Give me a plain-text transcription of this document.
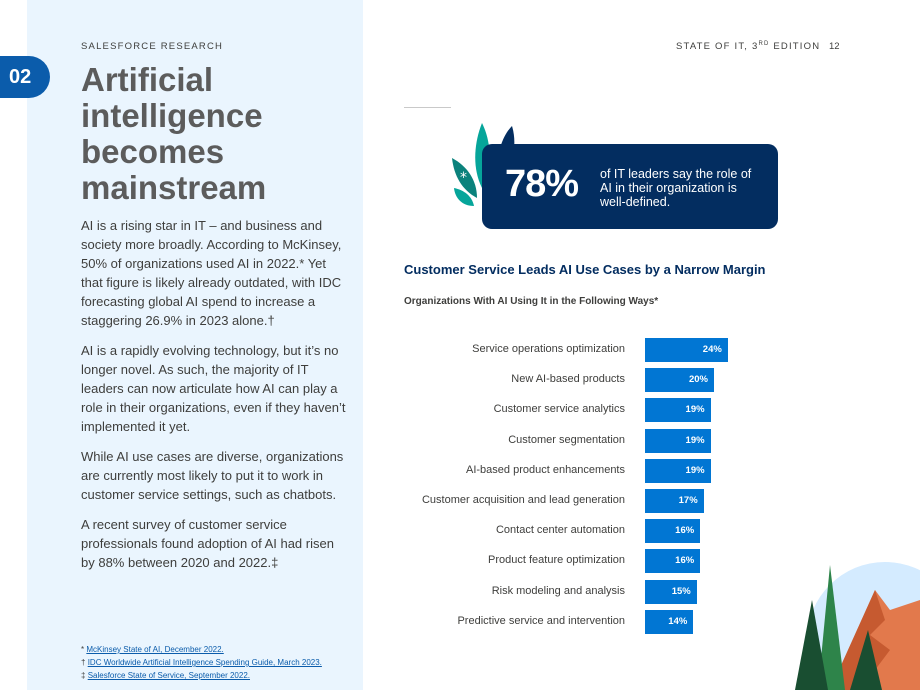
02
SALESFORCE RESEARCH	STATE OF IT, 3RD EDITION 12
Artificial intelligence becomes mainstream

AI is a rising star in IT – and business and society more broadly. According to McKinsey, 50% of organizations used AI in 2022.* Yet that figure is likely already outdated, with IDC forecasting global AI spend to increase a staggering 26.9% in 2023 alone.†

AI is a rapidly evolving technology, but it’s no longer novel. As such, the majority of IT leaders can now articulate how AI can play a role in their organizations, even if they haven’t implemented it yet.

While AI use cases are diverse, organizations are currently most likely to put it to work in customer service settings, such as chatbots.

A recent survey of customer service professionals found adoption of AI had risen by 88% between 2020 and 2022.‡

* McKinsey State of AI, December 2022.
† IDC Worldwide Artificial Intelligence Spending Guide, March 2023.
‡ Salesforce State of Service, September 2022.
* 78% of IT leaders say the role of AI in their organization is well-defined.
Customer Service Leads AI Use Cases by a Narrow Margin
Organizations With AI Using It in the Following Ways*
Service operations optimization	24%
New AI-based products	20%
Customer service analytics	19%
Customer segmentation	19%
AI-based product enhancements	19%
Customer acquisition and lead generation	17%
Contact center automation	16%
Product feature optimization	16%
Risk modeling and analysis	15%
Predictive service and intervention	14%
